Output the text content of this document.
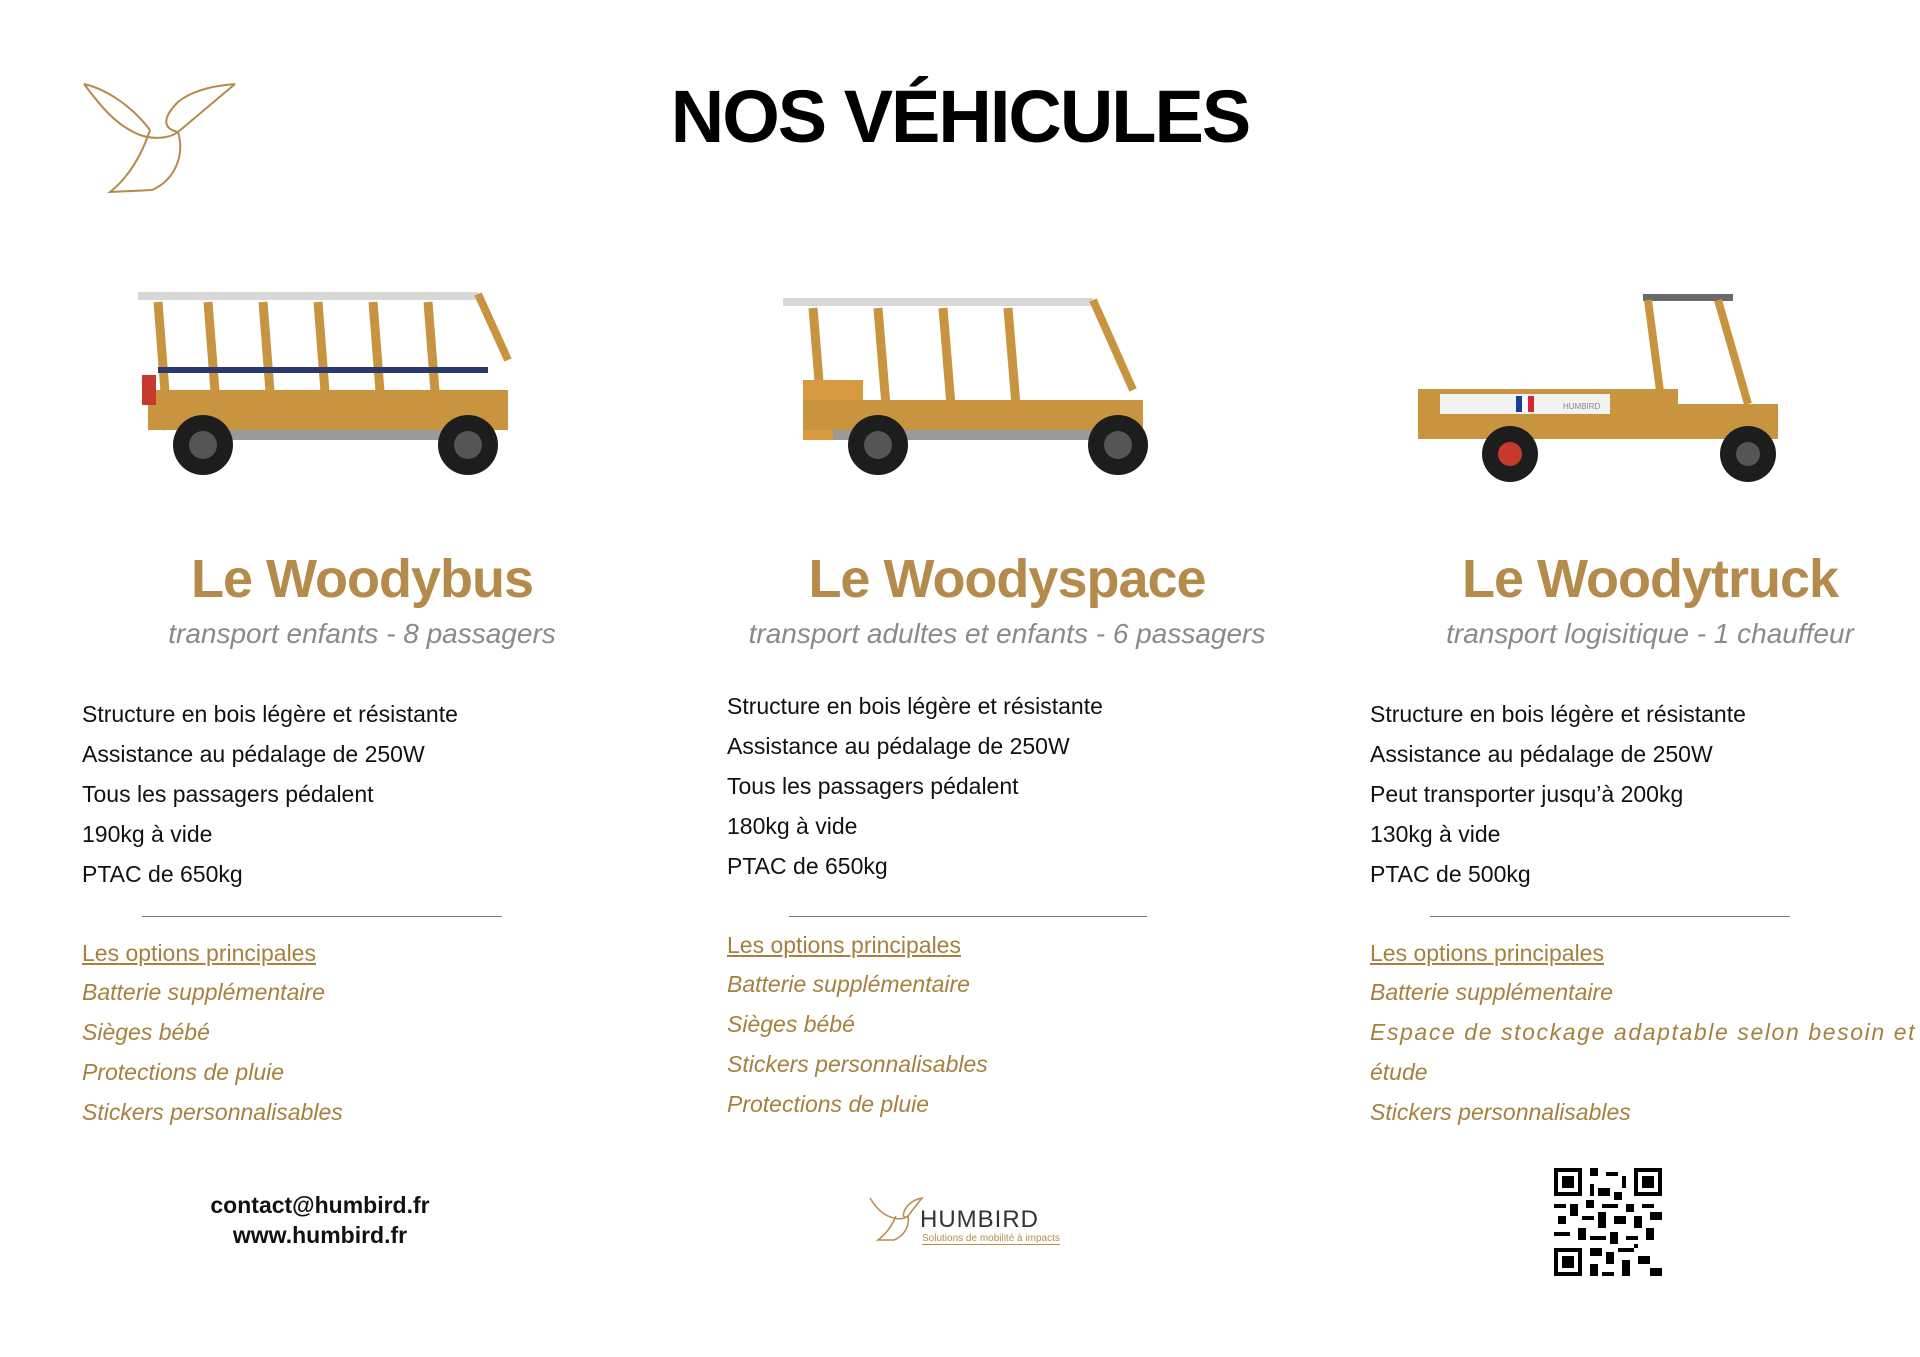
NOS VÉHICULES
Le Woodybus
transport enfants - 8 passagers
Structure en bois légère et résistante
Assistance au pédalage de 250W
Tous les passagers pédalent
190kg à vide
PTAC de 650kg
Les options principales
Batterie supplémentaire
Sièges bébé
Protections de pluie
Stickers personnalisables
Le Woodyspace
transport adultes et enfants - 6 passagers
Structure en bois légère et résistante
Assistance au pédalage de 250W
Tous les passagers pédalent
180kg à vide
PTAC de 650kg
Les options principales
Batterie supplémentaire
Sièges bébé
Stickers personnalisables
Protections de pluie
HUMBIRD
Le Woodytruck
transport logisitique - 1 chauffeur
Structure en bois légère et résistante
Assistance au pédalage de 250W
Peut transporter jusqu’à 200kg
130kg à vide
PTAC de 500kg
Les options principales
Batterie supplémentaire
Espace de stockage adaptable selon besoin et
étude
Stickers personnalisables
contact@humbird.fr
www.humbird.fr
HUMBIRD
Solutions de mobilité à impacts
